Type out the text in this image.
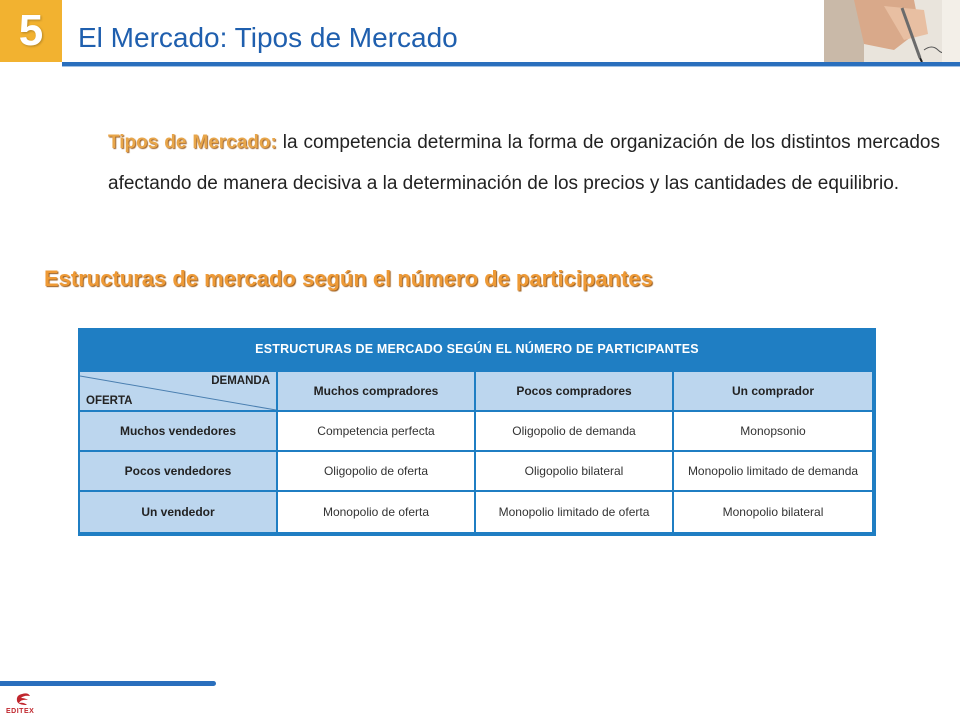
5 El Mercado: Tipos de Mercado
Tipos de Mercado: la competencia determina la forma de organización de los distintos mercados afectando de manera decisiva a la determinación de los precios y las cantidades de equilibrio.
Estructuras de mercado según el número de participantes
ESTRUCTURAS DE MERCADO SEGÚN EL NÚMERO DE PARTICIPANTES
DEMANDA
OFERTA
Muchos compradores	Pocos compradores	Un comprador
Muchos vendedores	Competencia perfecta	Oligopolio de demanda	Monopsonio
Pocos vendedores	Oligopolio de oferta	Oligopolio bilateral	Monopolio limitado de demanda
Un vendedor	Monopolio de oferta	Monopolio limitado de oferta	Monopolio bilateral
EDITEX
